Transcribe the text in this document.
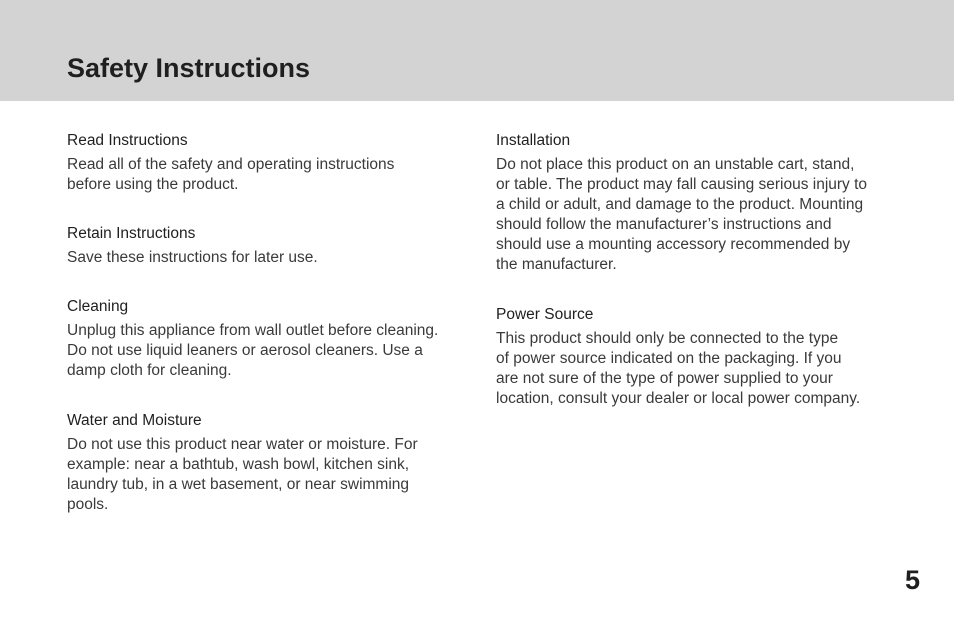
Safety Instructions
Read Instructions

Read all of the safety and operating instructions
before using the product.

Retain Instructions

Save these instructions for later use.

Cleaning

Unplug this appliance from wall outlet before cleaning.
Do not use liquid leaners or aerosol cleaners. Use a
damp cloth for cleaning.

Water and Moisture

Do not use this product near water or moisture. For
example: near a bathtub, wash bowl, kitchen sink,
laundry tub, in a wet basement, or near swimming
pools.

Installation

Do not place this product on an unstable cart, stand,
or table. The product may fall causing serious injury to
a child or adult, and damage to the product. Mounting
should follow the manufacturer’s instructions and
should use a mounting accessory recommended by
the manufacturer.

Power Source

This product should only be connected to the type
of power source indicated on the packaging. If you
are not sure of the type of power supplied to your
location, consult your dealer or local power company.

5
